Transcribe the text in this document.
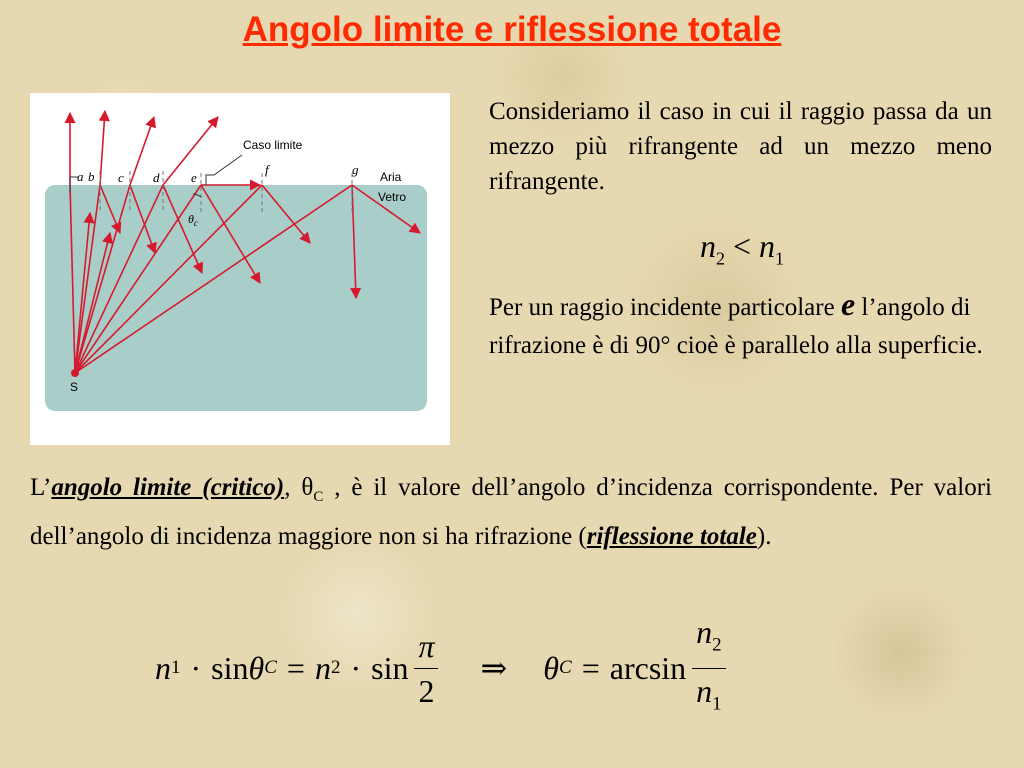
Angolo limite e riflessione totale
Caso limite
Aria
Vetro
S
$\theta_c$
a b c d e
f	g

Consideriamo il caso in cui il raggio passa da un mezzo più rifrangente ad un mezzo meno rifrangente.

$n_2 < n_1$

Per un raggio incidente particolare e l’angolo di rifrazione è di 90° cioè è parallelo alla superficie.

L’angolo limite (critico), $\theta_C$ , è il valore dell’angolo d’incidenza corrispondente. Per valori dell’angolo di incidenza maggiore non si ha rifrazione (riflessione totale).

n 1 · sin θ C = n $2 \cdot \sin \frac{\pi}{2}$ ⇒ θ $C = \arcsin \frac{n_2}{n_1}$
